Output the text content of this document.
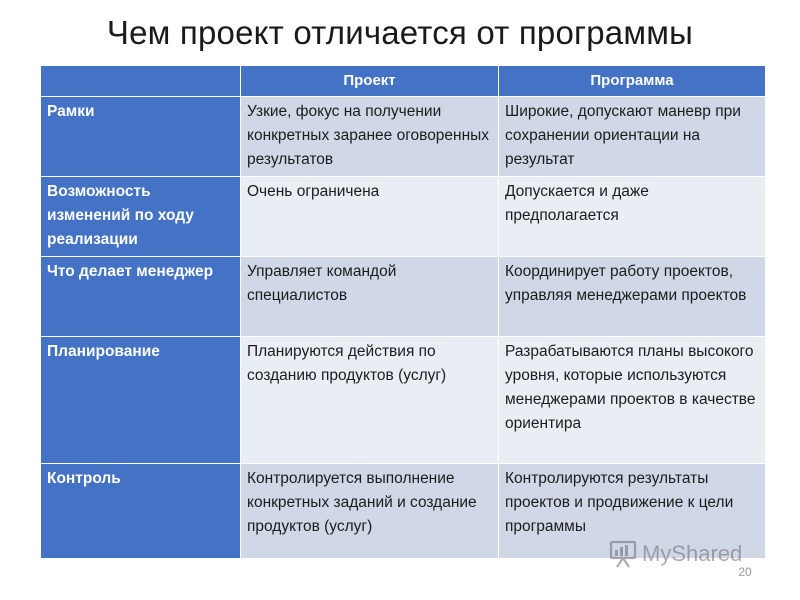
Чем проект отличается от программы
	Проект	Программа
Рамки	Узкие, фокус на получении конкретных заранее оговоренных результатов	Широкие, допускают маневр при сохранении ориентации на результат
Возможность изменений по ходу реализации	Очень ограничена	Допускается и даже предполагается
Что делает менеджер	Управляет командой специалистов	Координирует работу проектов, управляя менеджерами проектов
Планирование	Планируются действия по созданию продуктов (услуг)	Разрабатываются планы высокого уровня, которые используются менеджерами проектов в качестве ориентира
Контроль	Контролируется выполнение конкретных заданий и создание продуктов (услуг)	Контролируются результаты проектов и продвижение к цели программы
MyShared
20
